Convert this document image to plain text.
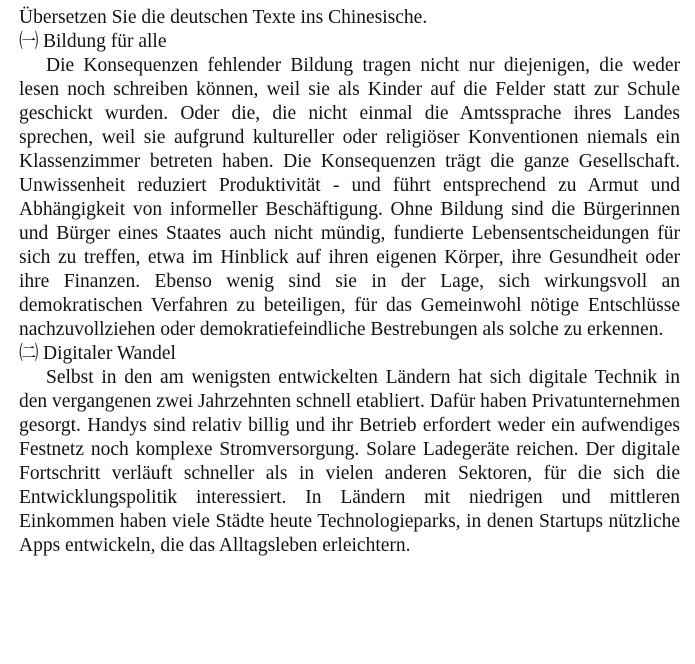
Übersetzen Sie die deutschen Texte ins Chinesische.

㈠ Bildung für alle

Die Konsequenzen fehlender Bildung tragen nicht nur diejenigen, die weder lesen noch schreiben können, weil sie als Kinder auf die Felder statt zur Schule geschickt wurden. Oder die, die nicht einmal die Amtssprache ihres Landes sprechen, weil sie aufgrund kultureller oder religiöser Konventionen niemals ein Klassenzimmer betreten haben. Die Konsequenzen trägt die ganze Gesellschaft. Unwissenheit reduziert Produktivität - und führt entsprechend zu Armut und Abhängigkeit von informeller Beschäftigung. Ohne Bildung sind die Bürgerinnen und Bürger eines Staates auch nicht mündig, fundierte Lebensentscheidungen für sich zu treffen, etwa im Hinblick auf ihren eigenen Körper, ihre Gesundheit oder ihre Finanzen. Ebenso wenig sind sie in der Lage, sich wirkungsvoll an demokratischen Verfahren zu beteiligen, für das Gemeinwohl nötige Entschlüsse nachzuvollziehen oder demokratiefeindliche Bestrebungen als solche zu erkennen.

㈡ Digitaler Wandel

Selbst in den am wenigsten entwickelten Ländern hat sich digitale Technik in den vergangenen zwei Jahrzehnten schnell etabliert. Dafür haben Privatunternehmen gesorgt. Handys sind relativ billig und ihr Betrieb erfordert weder ein aufwendiges Festnetz noch komplexe Stromversorgung. Solare Ladegeräte reichen. Der digitale Fortschritt verläuft schneller als in vielen anderen Sektoren, für die sich die Entwicklungspolitik interessiert. In Ländern mit niedrigen und mittleren Einkommen haben viele Städte heute Technologieparks, in denen Startups nützliche Apps entwickeln, die das Alltagsleben erleichtern.
